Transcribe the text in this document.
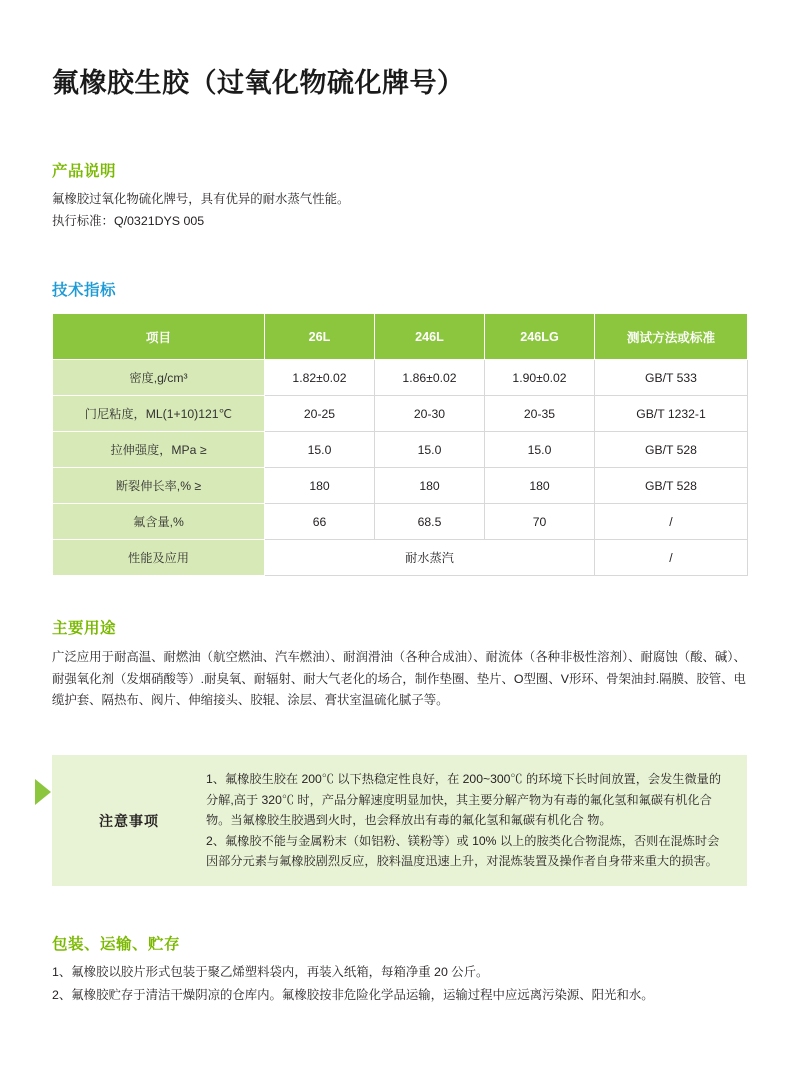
氟橡胶生胶（过氧化物硫化牌号）
产品说明
氟橡胶过氧化物硫化牌号，具有优异的耐水蒸气性能。
执行标准：Q/0321DYS 005
技术指标
项目	26L	246L	246LG	测试方法或标准
密度,g/cm³	1.82±0.02	1.86±0.02	1.90±0.02	GB/T 533
门尼粘度，ML(1+10)121℃	20-25	20-30	20-35	GB/T 1232-1
拉伸强度，MPa ≥	15.0	15.0	15.0	GB/T 528
断裂伸长率,% ≥	180	180	180	GB/T 528
氟含量,%	66	68.5	70	/
性能及应用	耐水蒸汽			/
主要用途
广泛应用于耐高温、耐燃油（航空燃油、汽车燃油）、耐润滑油（各种合成油）、耐流体（各种非极性溶剂）、耐腐蚀（酸、碱）、耐强氧化剂（发烟硝酸等）.耐臭氧、耐辐射、耐大气老化的场合，制作垫圈、垫片、O型圈、V形环、骨架油封.隔膜、胶管、电缆护套、隔热布、阀片、伸缩接头、胶辊、涂层、膏状室温硫化腻子等。
注意事项
1、氟橡胶生胶在 200℃ 以下热稳定性良好，在 200~300℃ 的环境下长时间放置，会发生微量的分解,高于 320℃ 时，产品分解速度明显加快，其主要分解产物为有毒的氟化氢和氟碳有机化合物。当氟橡胶生胶遇到火时，也会释放出有毒的氟化氢和氟碳有机化合 物。
2、氟橡胶不能与金属粉末（如铝粉、镁粉等）或 10% 以上的胺类化合物混炼，否则在混炼时会因部分元素与氟橡胶剧烈反应，胶料温度迅速上升，对混炼装置及操作者自身带来重大的损害。
包装、运输、贮存

1、氟橡胶以胶片形式包装于聚乙烯塑料袋内，再装入纸箱，每箱净重 20 公斤。

2、氟橡胶贮存于清洁干燥阴凉的仓库内。氟橡胶按非危险化学品运输，运输过程中应远离污染源、阳光和水。
